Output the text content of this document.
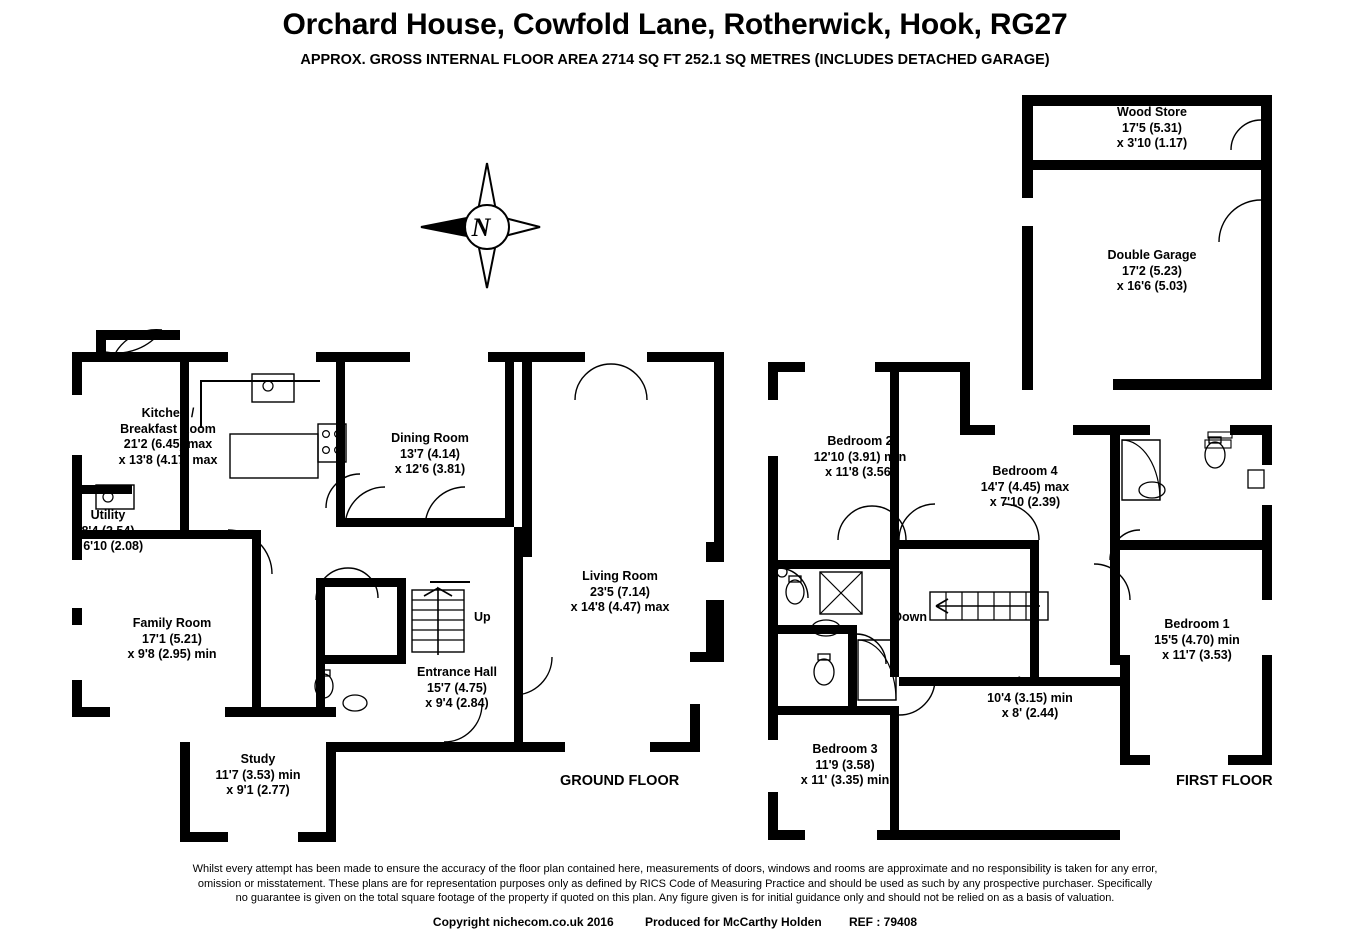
N
Orchard House, Cowfold Lane, Rotherwick, Hook, RG27
APPROX. GROSS INTERNAL FLOOR AREA 2714 SQ FT 252.1 SQ METRES (INCLUDES DETACHED GARAGE)
Wood Store
17'5 (5.31)
x 3'10 (1.17)
Double Garage
17'2 (5.23)
x 16'6 (5.03)
Kitchen /
Breakfast Room
21'2 (6.45) max
x 13'8 (4.17) max
Utility
8'4 (2.54)
x 6'10 (2.08)
Dining Room
13'7 (4.14)
x 12'6 (3.81)
Living Room
23'5 (7.14)
x 14'8 (4.47) max
Family Room
17'1 (5.21)
x 9'8 (2.95) min
Entrance Hall
15'7 (4.75)
x 9'4 (2.84)
Study
11'7 (3.53) min
x 9'1 (2.77)
Bedroom 2
12'10 (3.91) min
x 11'8 (3.56)	Bedroom 4
14'7 (4.45) max
x 7'10 (2.39)
Bedroom 1
15'5 (4.70) min
x 11'7 (3.53)
Bedroom 5
10'4 (3.15) min
x 8' (2.44)
Bedroom 3
11'9 (3.58)
x 11' (3.35) min
Up	Down
GROUND FLOOR	FIRST FLOOR
Whilst every attempt has been made to ensure the accuracy of the floor plan contained here, measurements of doors, windows and rooms are approximate and no responsibility is taken for any error,
omission or misstatement. These plans are for representation purposes only as defined by RICS Code of Measuring Practice and should be used as such by any prospective purchaser. Specifically
no guarantee is given on the total square footage of the property if quoted on this plan. Any figure given is for initial guidance only and should not be relied on as a basis of valuation.
Copyright nichecom.co.uk 2016	Produced for McCarthy Holden REF : 79408
